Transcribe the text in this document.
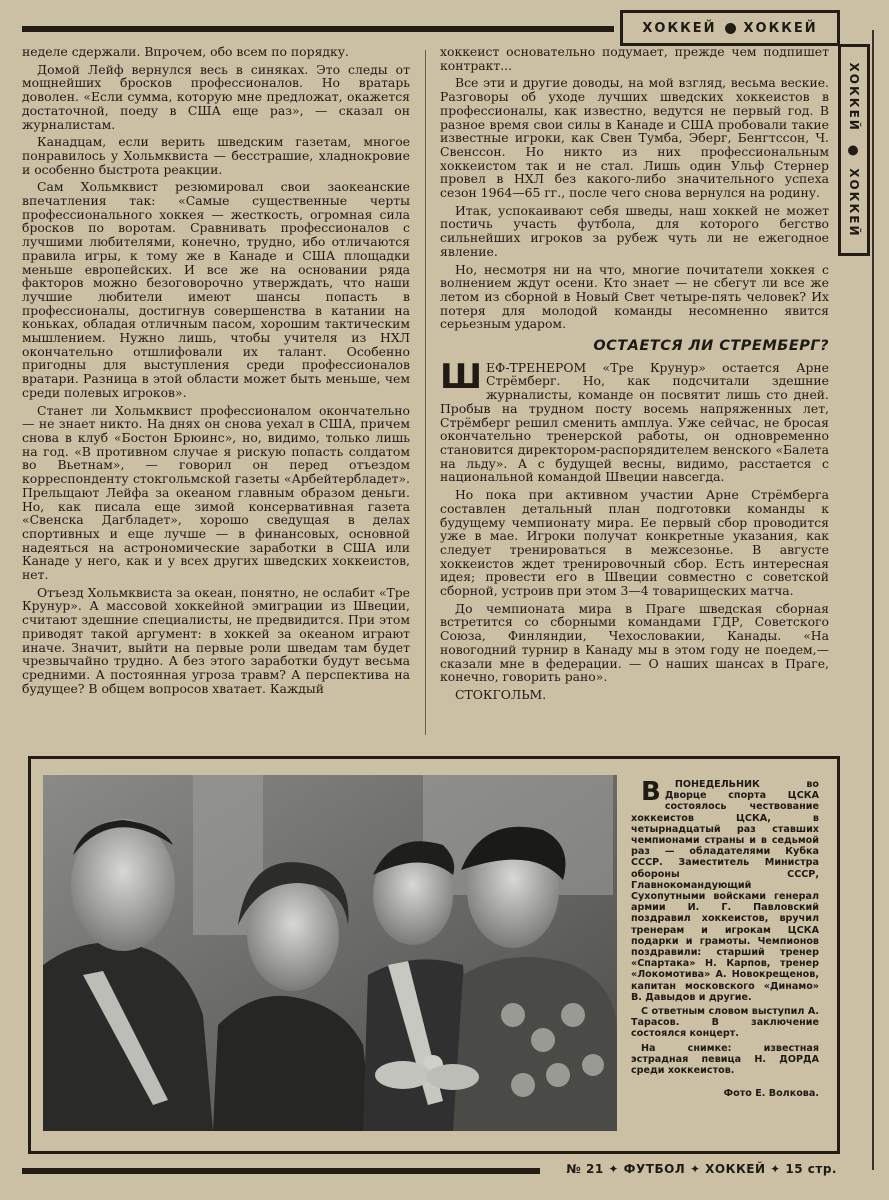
ХОККЕЙ ХОККЕЙ
ХОККЕЙ  ХОККЕЙ

неделе сдержали. Впрочем, обо всем по порядку.

Домой Лейф вернулся весь в синяках. Это следы от мощнейших бросков профессионалов. Но вратарь доволен. «Если сумма, которую мне предложат, окажется достаточной, поеду в США еще раз», — сказал он журналистам.

Канадцам, если верить шведским газетам, многое понравилось у Хольмквиста — бесстрашие, хладнокровие и особенно быстрота реакции.

Сам Хольмквист резюмировал свои заокеанские впечатления так: «Самые существенные черты профессионального хоккея — жесткость, огромная сила бросков по воротам. Сравнивать профессионалов с лучшими любителями, конечно, трудно, ибо отличаются правила игры, к тому же в Канаде и США площадки меньше европейских. И все же на основании ряда факторов можно безоговорочно утверждать, что наши лучшие любители имеют шансы попасть в профессионалы, достигнув совершенства в катании на коньках, обладая отличным пасом, хорошим тактическим мышлением. Нужно лишь, чтобы учителя из НХЛ окончательно отшлифовали их талант. Особенно пригодны для выступления среди профессионалов вратари. Разница в этой области может быть меньше, чем среди полевых игроков».

Станет ли Хольмквист профессионалом окончательно — не знает никто. На днях он снова уехал в США, причем снова в клуб «Бостон Брюинс», но, видимо, только лишь на год. «В противном случае я рискую попасть солдатом во Вьетнам», — говорил он перед отъездом корреспонденту стокгольмской газеты «Арбейтербладет». Прельщают Лейфа за океаном главным образом деньги. Но, как писала еще зимой консервативная газета «Свенска Дагбладет», хорошо сведущая в делах спортивных и еще лучше — в финансовых, основной надеяться на астрономические заработки в США или Канаде у него, как и у всех других шведских хоккеистов, нет.

Отъезд Хольмквиста за океан, понятно, не ослабит «Тре Крунур». А массовой хоккейной эмиграции из Швеции, считают здешние специалисты, не предвидится. При этом приводят такой аргумент: в хоккей за океаном играют иначе. Значит, выйти на первые роли шведам там будет чрезвычайно трудно. А без этого заработки будут весьма средними. А постоянная угроза травм? А перспектива на будущее? В общем вопросов хватает. Каждый

хоккеист основательно подумает, прежде чем подпишет контракт...

Все эти и другие доводы, на мой взгляд, весьма веские. Разговоры об уходе лучших шведских хоккеистов в профессионалы, как известно, ведутся не первый год. В разное время свои силы в Канаде и США пробовали такие известные игроки, как Свен Тумба, Эберг, Бенгтссон, Ч. Свенссон. Но никто из них профессиональным хоккеистом так и не стал. Лишь один Ульф Стернер провел в НХЛ без какого-либо значительного успеха сезон 1964—65 гг., после чего снова вернулся на родину.

Итак, успокаивают себя шведы, наш хоккей не может постичь участь футбола, для которого бегство сильнейших игроков за рубеж чуть ли не ежегодное явление.

Но, несмотря ни на что, многие почитатели хоккея с волнением ждут осени. Кто знает — не сбегут ли все же летом из сборной в Новый Свет четыре-пять человек? Их потеря для молодой команды несомненно явится серьезным ударом.

ОСТАЕТСЯ ЛИ СТРЕМБЕРГ?

ШЕФ-ТРЕНЕРОМ «Тре Крунур» остается Арне Стрёмберг. Но, как подсчитали здешние журналисты, команде он посвятит лишь сто дней. Пробыв на трудном посту восемь напряженных лет, Стрёмберг решил сменить амплуа. Уже сейчас, не бросая окончательно тренерской работы, он одновременно становится директором-распорядителем венского «Балета на льду». А с будущей весны, видимо, расстается с национальной командой Швеции навсегда.

Но пока при активном участии Арне Стрёмберга составлен детальный план подготовки команды к будущему чемпионату мира. Ее первый сбор проводится уже в мае. Игроки получат конкретные указания, как следует тренироваться в межсезонье. В августе хоккеистов ждет тренировочный сбор. Есть интересная идея; провести его в Швеции совместно с советской сборной, устроив при этом 3—4 товарищеских матча.

До чемпионата мира в Праге шведская сборная встретится со сборными командами ГДР, Советского Союза, Финляндии, Чехословакии, Канады. «На новогодний турнир в Канаду мы в этом году не поедем,—сказали мне в федерации. — О наших шансах в Праге, конечно, говорить рано».

СТОКГОЛЬМ.

В ПОНЕДЕЛЬНИК во Дворце спорта ЦСКА состоялось чествование хоккеистов ЦСКА, в четырнадцатый раз ставших чемпионами страны и в седьмой раз — обладателями Кубка СССР. Заместитель Министра обороны СССР, Главнокомандующий Сухопутными войсками генерал армии И. Г. Павловский поздравил хоккеистов, вручил тренерам и игрокам ЦСКА подарки и грамоты. Чемпионов поздравили: старший тренер «Спартака» Н. Карпов, тренер «Локомотива» А. Новокрещенов, капитан московского «Динамо» В. Давыдов и другие.

С ответным словом выступил А. Тарасов. В заключение состоялся концерт.

На снимке: известная эстрадная певица Н. ДОРДА среди хоккеистов.

Фото Е. Волкова.

№ 21 ✦ ФУТБОЛ ✦ ХОККЕЙ ✦ 15 стр.
